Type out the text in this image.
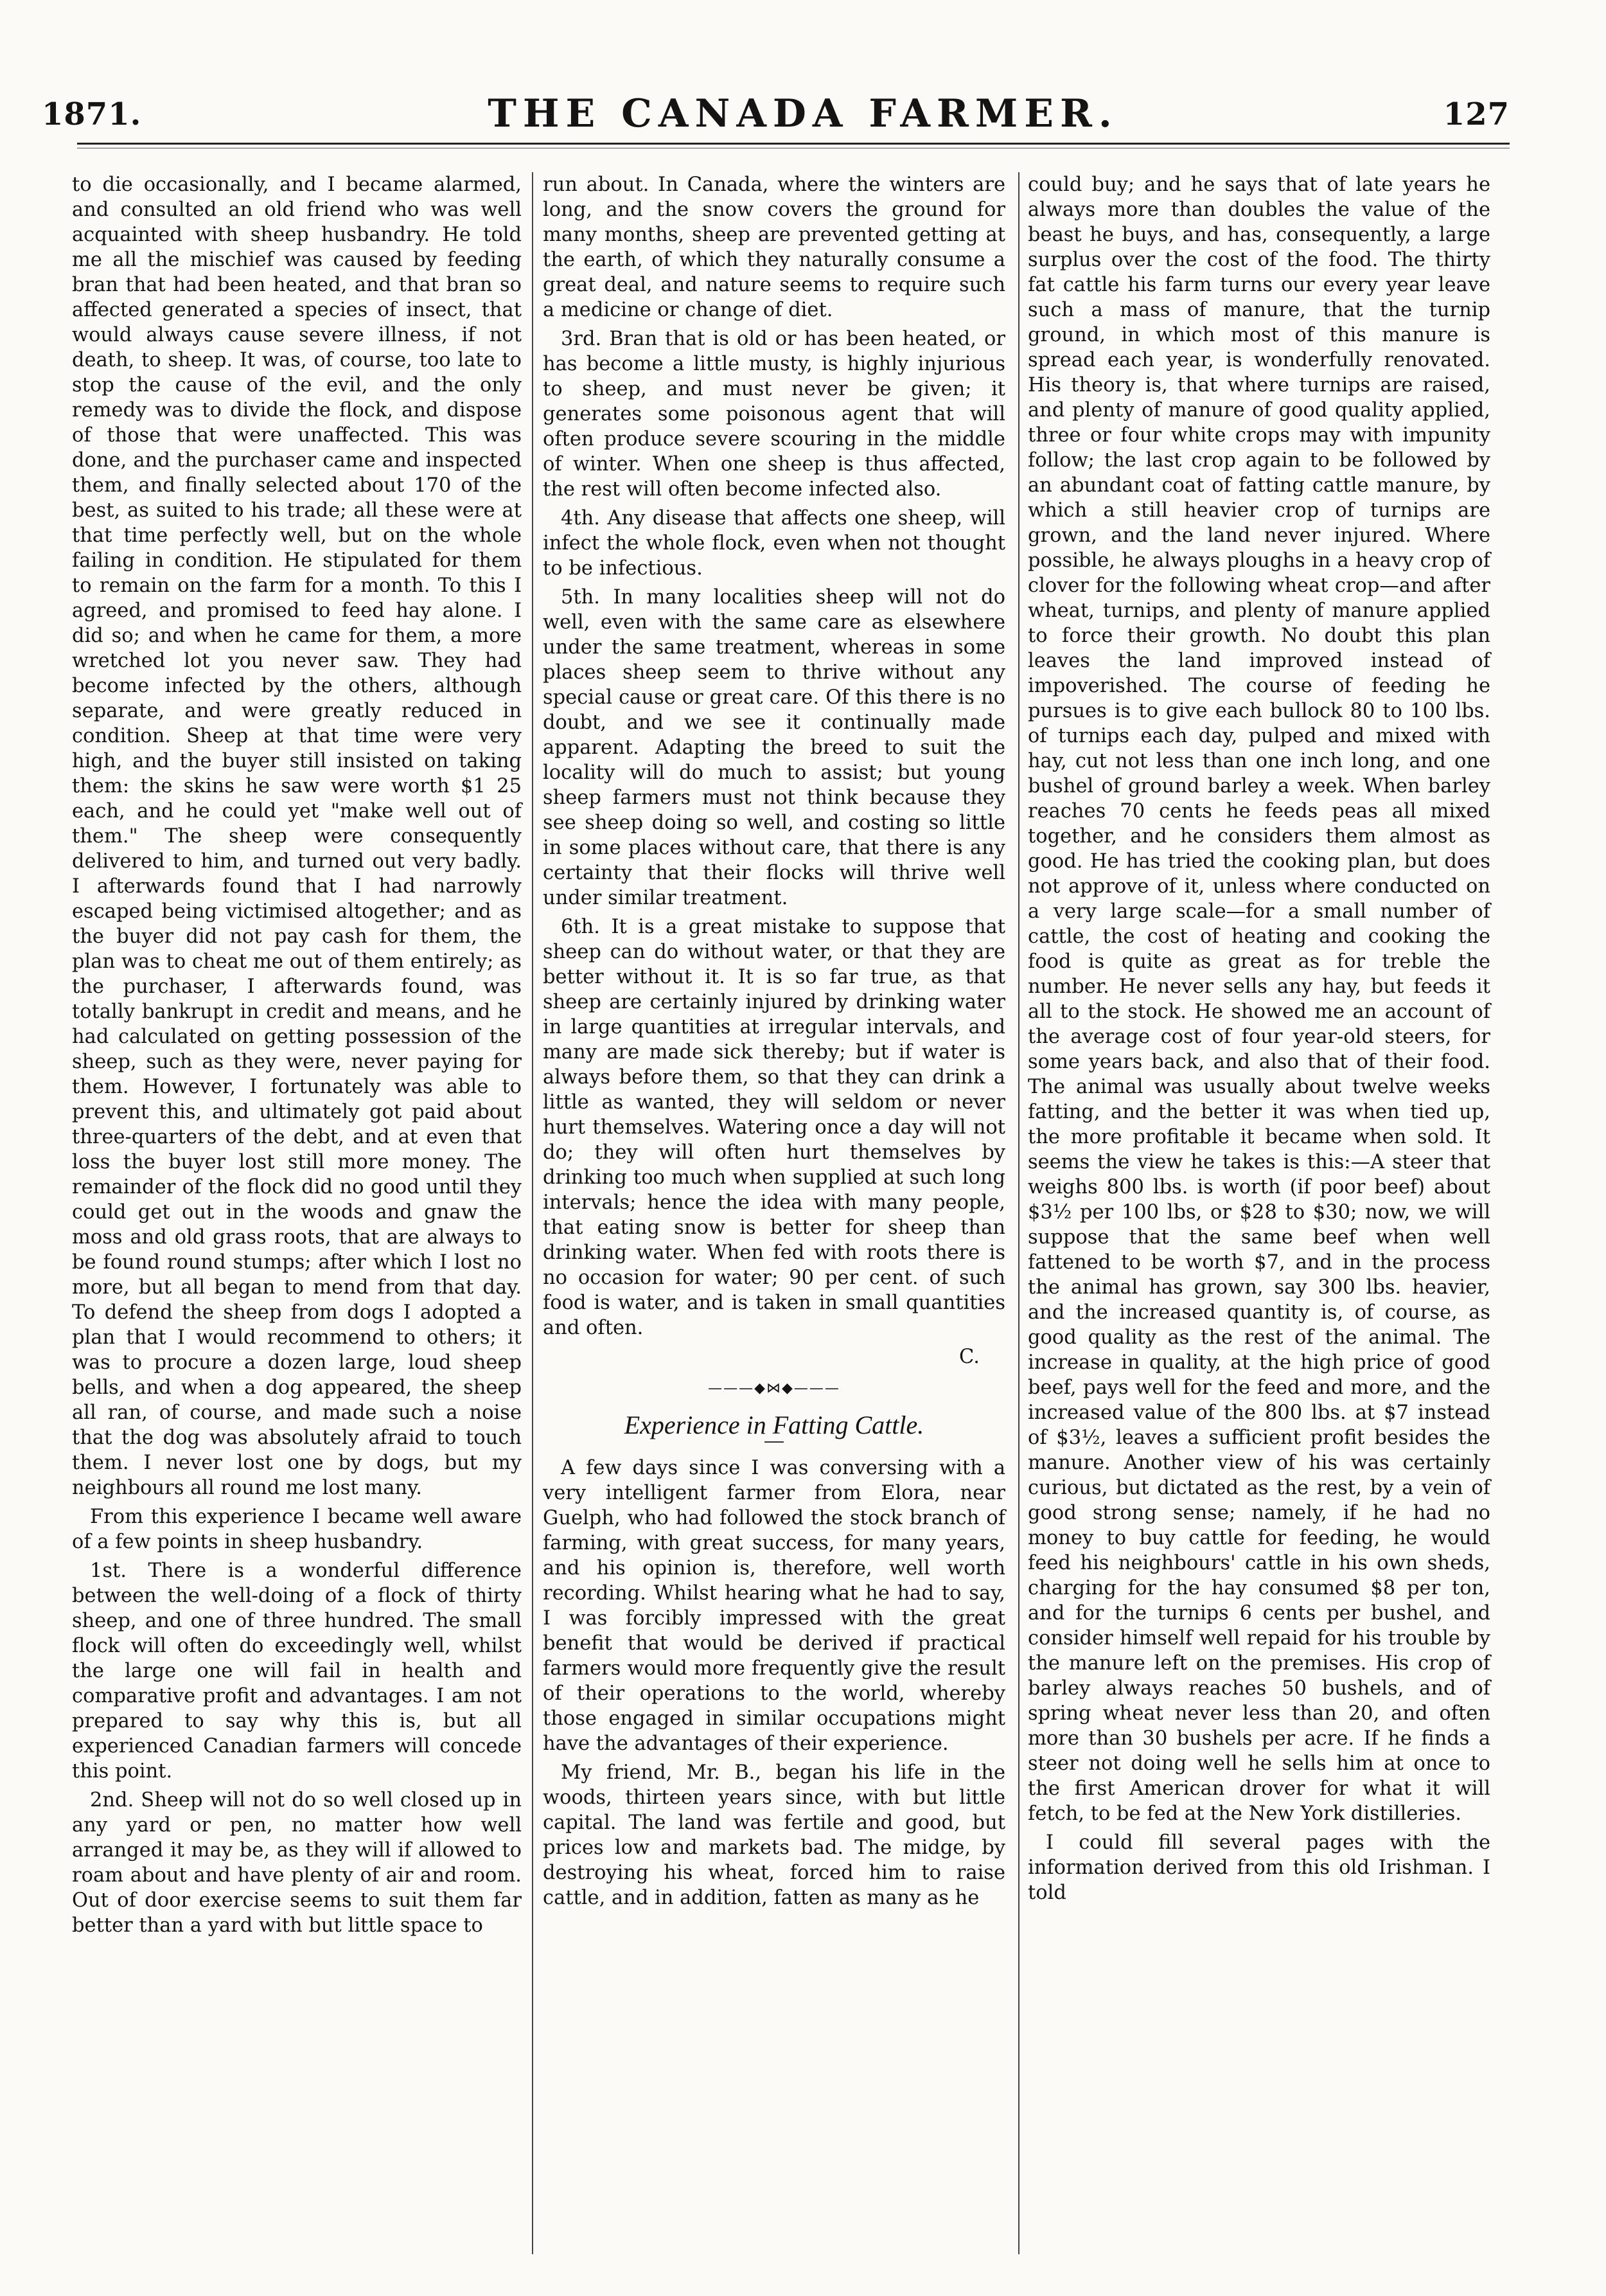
1871.	THE CANADA FARMER.	127

to die occasionally, and I became alarmed, and consulted an old friend who was well acquainted with sheep husbandry. He told me all the mischief was caused by feeding bran that had been heated, and that bran so affected generated a species of insect, that would always cause severe illness, if not death, to sheep. It was, of course, too late to stop the cause of the evil, and the only remedy was to divide the flock, and dispose of those that were unaffected. This was done, and the purchaser came and inspected them, and finally selected about 170 of the best, as suited to his trade; all these were at that time perfectly well, but on the whole failing in condition. He stipulated for them to remain on the farm for a month. To this I agreed, and promised to feed hay alone. I did so; and when he came for them, a more wretched lot you never saw. They had become infected by the others, although separate, and were greatly reduced in condition. Sheep at that time were very high, and the buyer still insisted on taking them: the skins he saw were worth $1 25 each, and he could yet "make well out of them." The sheep were consequently delivered to him, and turned out very badly. I afterwards found that I had narrowly escaped being victimised altogether; and as the buyer did not pay cash for them, the plan was to cheat me out of them entirely; as the purchaser, I afterwards found, was totally bankrupt in credit and means, and he had calculated on getting possession of the sheep, such as they were, never paying for them. However, I fortunately was able to prevent this, and ultimately got paid about three-quarters of the debt, and at even that loss the buyer lost still more money. The remainder of the flock did no good until they could get out in the woods and gnaw the moss and old grass roots, that are always to be found round stumps; after which I lost no more, but all began to mend from that day. To defend the sheep from dogs I adopted a plan that I would recommend to others; it was to procure a dozen large, loud sheep bells, and when a dog appeared, the sheep all ran, of course, and made such a noise that the dog was absolutely afraid to touch them. I never lost one by dogs, but my neighbours all round me lost many.

From this experience I became well aware of a few points in sheep husbandry.

1st. There is a wonderful difference between the well-doing of a flock of thirty sheep, and one of three hundred. The small flock will often do exceedingly well, whilst the large one will fail in health and comparative profit and advantages. I am not prepared to say why this is, but all experienced Canadian farmers will concede this point.

2nd. Sheep will not do so well closed up in any yard or pen, no matter how well arranged it may be, as they will if allowed to roam about and have plenty of air and room. Out of door exercise seems to suit them far better than a yard with but little space to

run about. In Canada, where the winters are long, and the snow covers the ground for many months, sheep are prevented getting at the earth, of which they naturally consume a great deal, and nature seems to require such a medicine or change of diet.

3rd. Bran that is old or has been heated, or has become a little musty, is highly injurious to sheep, and must never be given; it generates some poisonous agent that will often produce severe scouring in the middle of winter. When one sheep is thus affected, the rest will often become infected also.

4th. Any disease that affects one sheep, will infect the whole flock, even when not thought to be infectious.

5th. In many localities sheep will not do well, even with the same care as elsewhere under the same treatment, whereas in some places sheep seem to thrive without any special cause or great care. Of this there is no doubt, and we see it continually made apparent. Adapting the breed to suit the locality will do much to assist; but young sheep farmers must not think because they see sheep doing so well, and costing so little in some places without care, that there is any certainty that their flocks will thrive well under similar treatment.

6th. It is a great mistake to suppose that sheep can do without water, or that they are better without it. It is so far true, as that sheep are certainly injured by drinking water in large quantities at irregular intervals, and many are made sick thereby; but if water is always before them, so that they can drink a little as wanted, they will seldom or never hurt themselves. Watering once a day will not do; they will often hurt themselves by drinking too much when supplied at such long intervals; hence the idea with many people, that eating snow is better for sheep than drinking water. When fed with roots there is no occasion for water; 90 per cent. of such food is water, and is taken in small quantities and often.

C.
———◆⋈◆———
Experience in Fatting Cattle.

A few days since I was conversing with a very intelligent farmer from Elora, near Guelph, who had followed the stock branch of farming, with great success, for many years, and his opinion is, therefore, well worth recording. Whilst hearing what he had to say, I was forcibly impressed with the great benefit that would be derived if practical farmers would more frequently give the result of their operations to the world, whereby those engaged in similar occupations might have the advantages of their experience.

My friend, Mr. B., began his life in the woods, thirteen years since, with but little capital. The land was fertile and good, but prices low and markets bad. The midge, by destroying his wheat, forced him to raise cattle, and in addition, fatten as many as he

could buy; and he says that of late years he always more than doubles the value of the beast he buys, and has, consequently, a large surplus over the cost of the food. The thirty fat cattle his farm turns our every year leave such a mass of manure, that the turnip ground, in which most of this manure is spread each year, is wonderfully renovated. His theory is, that where turnips are raised, and plenty of manure of good quality applied, three or four white crops may with impunity follow; the last crop again to be followed by an abundant coat of fatting cattle manure, by which a still heavier crop of turnips are grown, and the land never injured. Where possible, he always ploughs in a heavy crop of clover for the following wheat crop—and after wheat, turnips, and plenty of manure applied to force their growth. No doubt this plan leaves the land improved instead of impoverished. The course of feeding he pursues is to give each bullock 80 to 100 lbs. of turnips each day, pulped and mixed with hay, cut not less than one inch long, and one bushel of ground barley a week. When barley reaches 70 cents he feeds peas all mixed together, and he considers them almost as good. He has tried the cooking plan, but does not approve of it, unless where conducted on a very large scale—for a small number of cattle, the cost of heating and cooking the food is quite as great as for treble the number. He never sells any hay, but feeds it all to the stock. He showed me an account of the average cost of four year-old steers, for some years back, and also that of their food. The animal was usually about twelve weeks fatting, and the better it was when tied up, the more profitable it became when sold. It seems the view he takes is this:—A steer that weighs 800 lbs. is worth (if poor beef) about $3½ per 100 lbs, or $28 to $30; now, we will suppose that the same beef when well fattened to be worth $7, and in the process the animal has grown, say 300 lbs. heavier, and the increased quantity is, of course, as good quality as the rest of the animal. The increase in quality, at the high price of good beef, pays well for the feed and more, and the increased value of the 800 lbs. at $7 instead of $3½, leaves a sufficient profit besides the manure. Another view of his was certainly curious, but dictated as the rest, by a vein of good strong sense; namely, if he had no money to buy cattle for feeding, he would feed his neighbours' cattle in his own sheds, charging for the hay consumed $8 per ton, and for the turnips 6 cents per bushel, and consider himself well repaid for his trouble by the manure left on the premises. His crop of barley always reaches 50 bushels, and of spring wheat never less than 20, and often more than 30 bushels per acre. If he finds a steer not doing well he sells him at once to the first American drover for what it will fetch, to be fed at the New York distilleries.

I could fill several pages with the information derived from this old Irishman. I told
